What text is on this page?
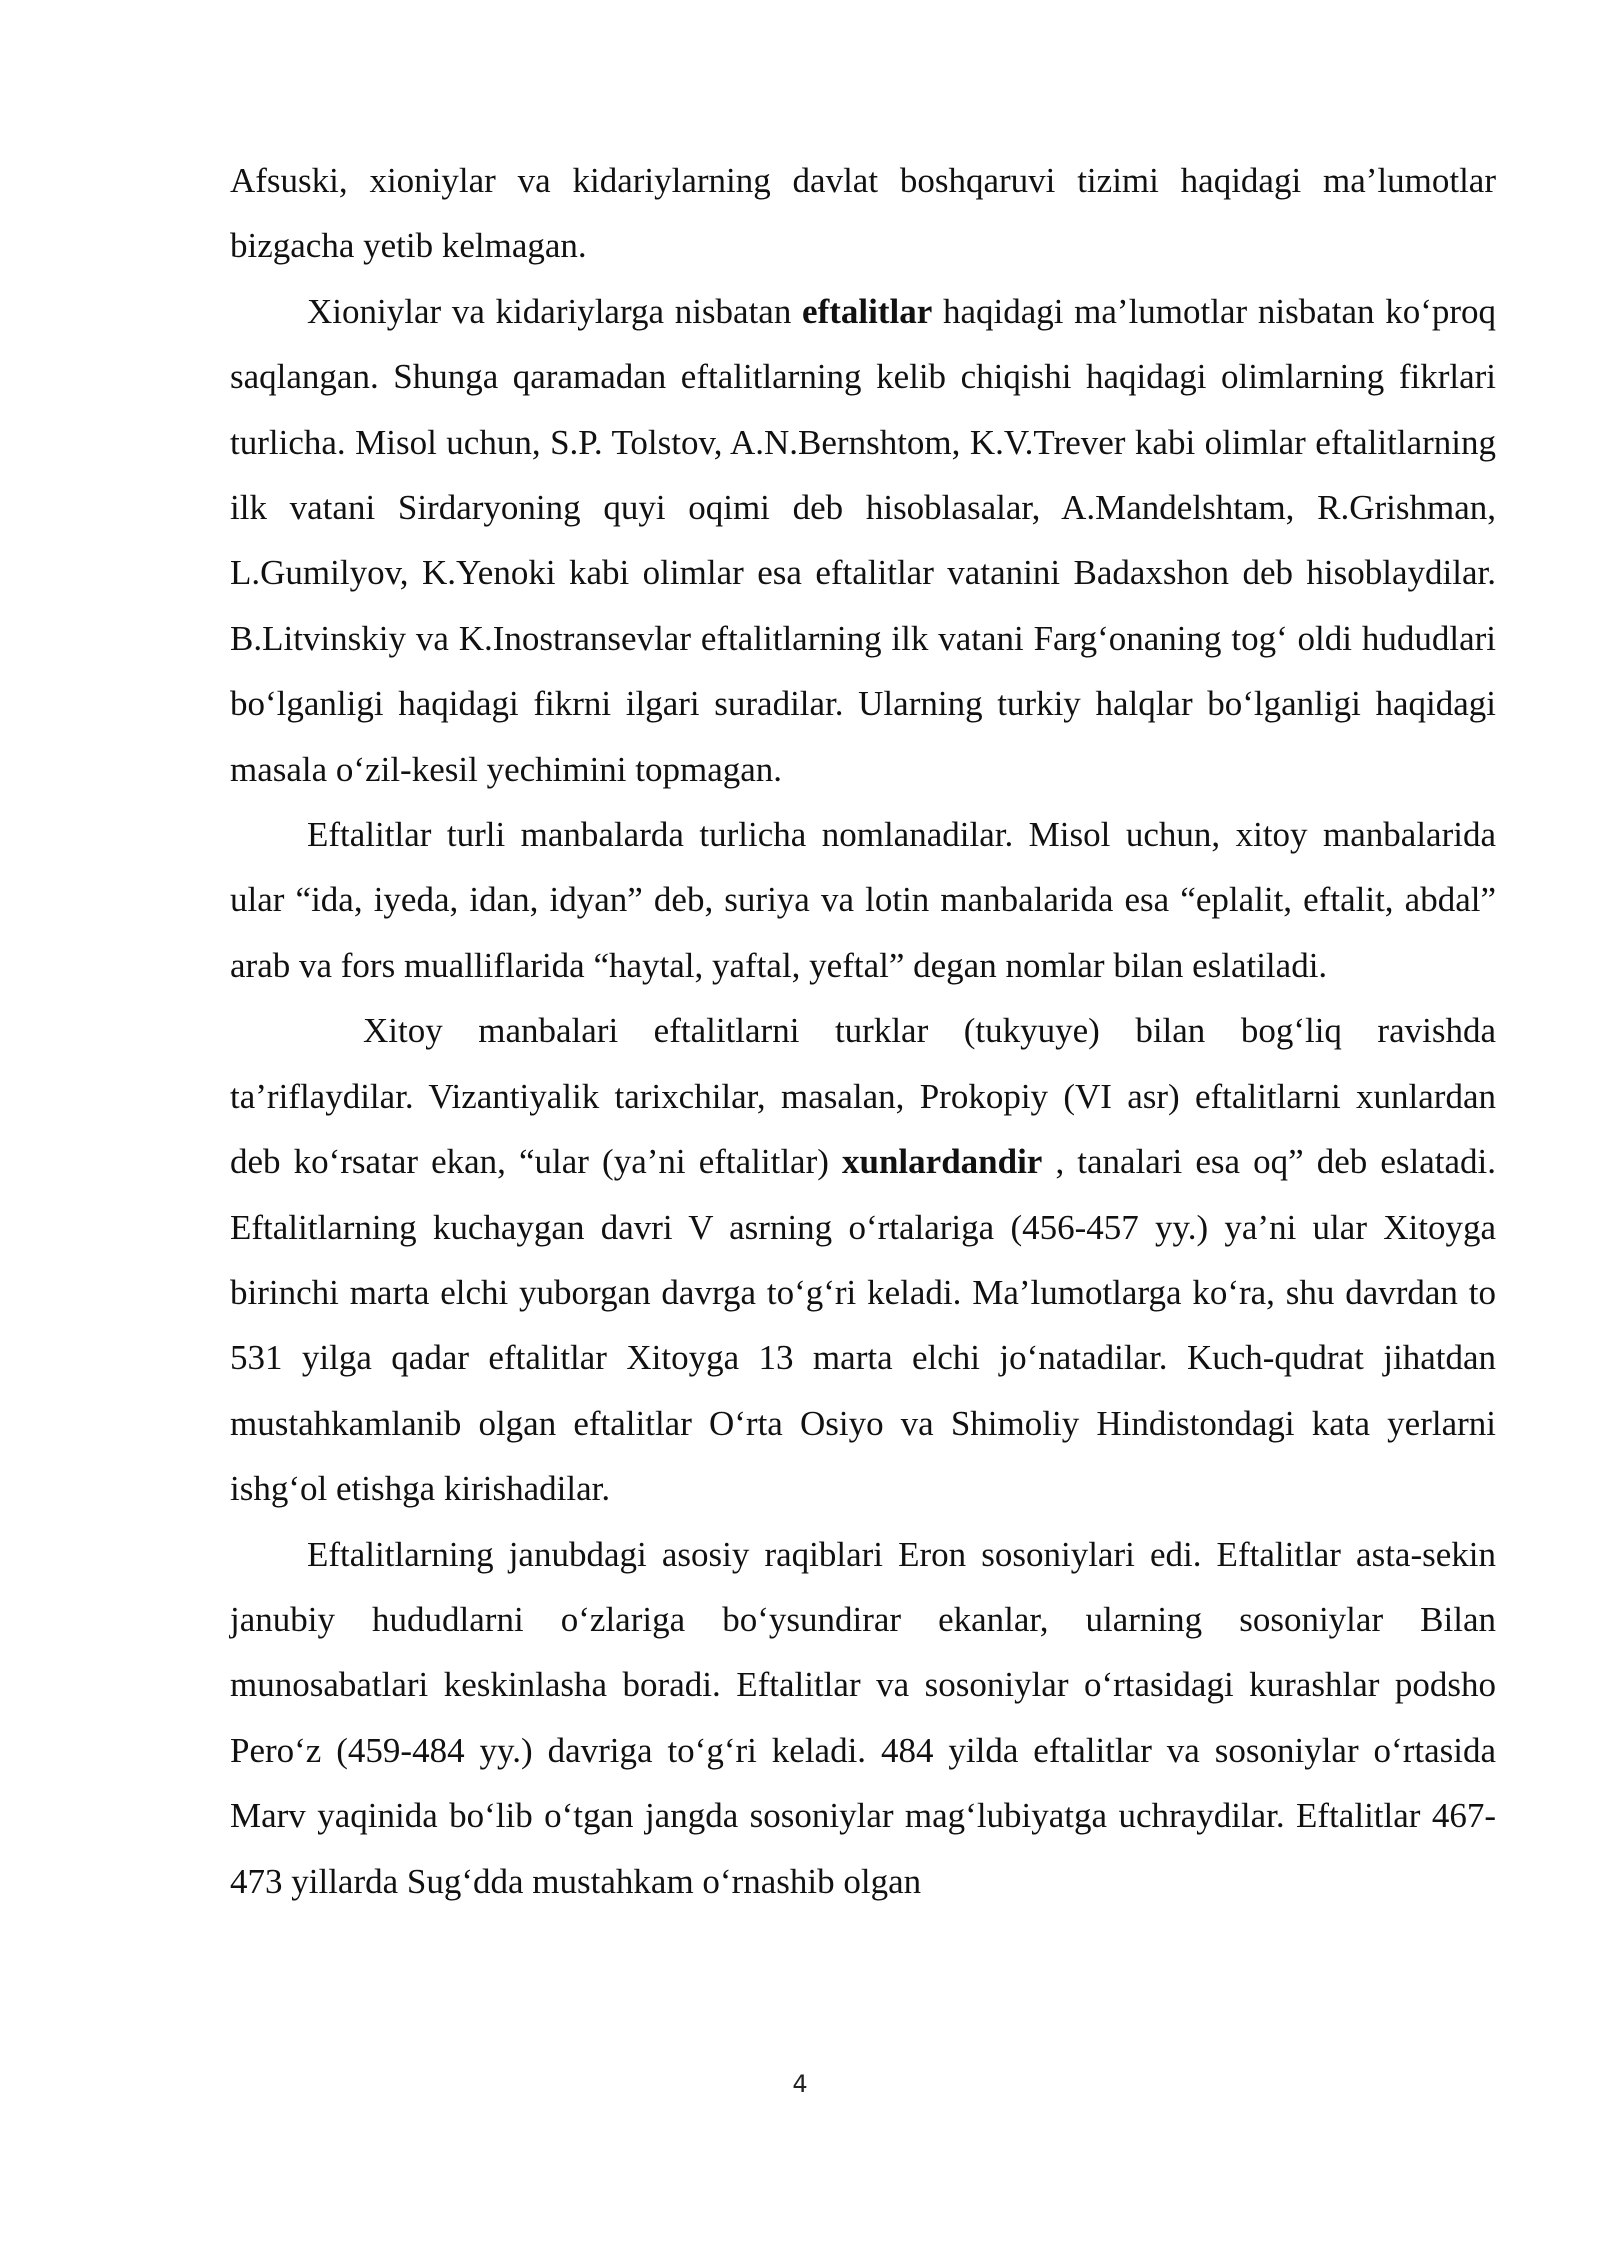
Afsuski, xioniylar va kidariylarning davlat boshqaruvi tizimi haqidagi ma’lumotlar bizgacha yetib kelmagan.

Xioniylar va kidariylarga nisbatan eftalitlar haqidagi ma’lumotlar nisbatan ko‘proq saqlangan. Shunga qaramadan eftalitlarning kelib chiqishi haqidagi olimlarning fikrlari turlicha. Misol uchun, S.P. Tolstov, A.N.Bernshtom, K.V.Trever kabi olimlar eftalitlarning ilk vatani Sirdaryoning quyi oqimi deb hisoblasalar, A.Mandelshtam, R.Grishman, L.Gumilyov, K.Yenoki kabi olimlar esa eftalitlar vatanini Badaxshon deb hisoblaydilar. B.Litvinskiy va K.Inostransevlar eftalitlarning ilk vatani Farg‘onaning tog‘ oldi hududlari bo‘lganligi haqidagi fikrni ilgari suradilar. Ularning turkiy halqlar bo‘lganligi haqidagi masala o‘zil-kesil yechimini topmagan.

Eftalitlar turli manbalarda turlicha nomlanadilar. Misol uchun, xitoy manbalarida ular “ida, iyeda, idan, idyan” deb, suriya va lotin manbalarida esa “eplalit, eftalit, abdal” arab va fors mualliflarida “haytal, yaftal, yeftal” degan nomlar bilan eslatiladi.

Xitoy manbalari eftalitlarni turklar (tukyuye) bilan bog‘liq ravishda ta’riflaydilar. Vizantiyalik tarixchilar, masalan, Prokopiy (VI asr) eftalitlarni xunlardan deb ko‘rsatar ekan, “ular (ya’ni eftalitlar) xunlardandir , tanalari esa oq” deb eslatadi. Eftalitlarning kuchaygan davri V asrning o‘rtalariga (456-457 yy.) ya’ni ular Xitoyga birinchi marta elchi yuborgan davrga to‘g‘ri keladi. Ma’lumotlarga ko‘ra, shu davrdan to 531 yilga qadar eftalitlar Xitoyga 13 marta elchi jo‘natadilar. Kuch-qudrat jihatdan mustahkamlanib olgan eftalitlar O‘rta Osiyo va Shimoliy Hindistondagi kata yerlarni ishg‘ol etishga kirishadilar.

Eftalitlarning janubdagi asosiy raqiblari Eron sosoniylari edi. Eftalitlar asta-sekin janubiy hududlarni o‘zlariga bo‘ysundirar ekanlar, ularning sosoniylar Bilan munosabatlari keskinlasha boradi. Eftalitlar va sosoniylar o‘rtasidagi kurashlar podsho Pero‘z (459-484 yy.) davriga to‘g‘ri keladi. 484 yilda eftalitlar va sosoniylar o‘rtasida Marv yaqinida bo‘lib o‘tgan jangda sosoniylar mag‘lubiyatga uchraydilar. Eftalitlar 467-473 yillarda Sug‘dda mustahkam o‘rnashib olgan

4
